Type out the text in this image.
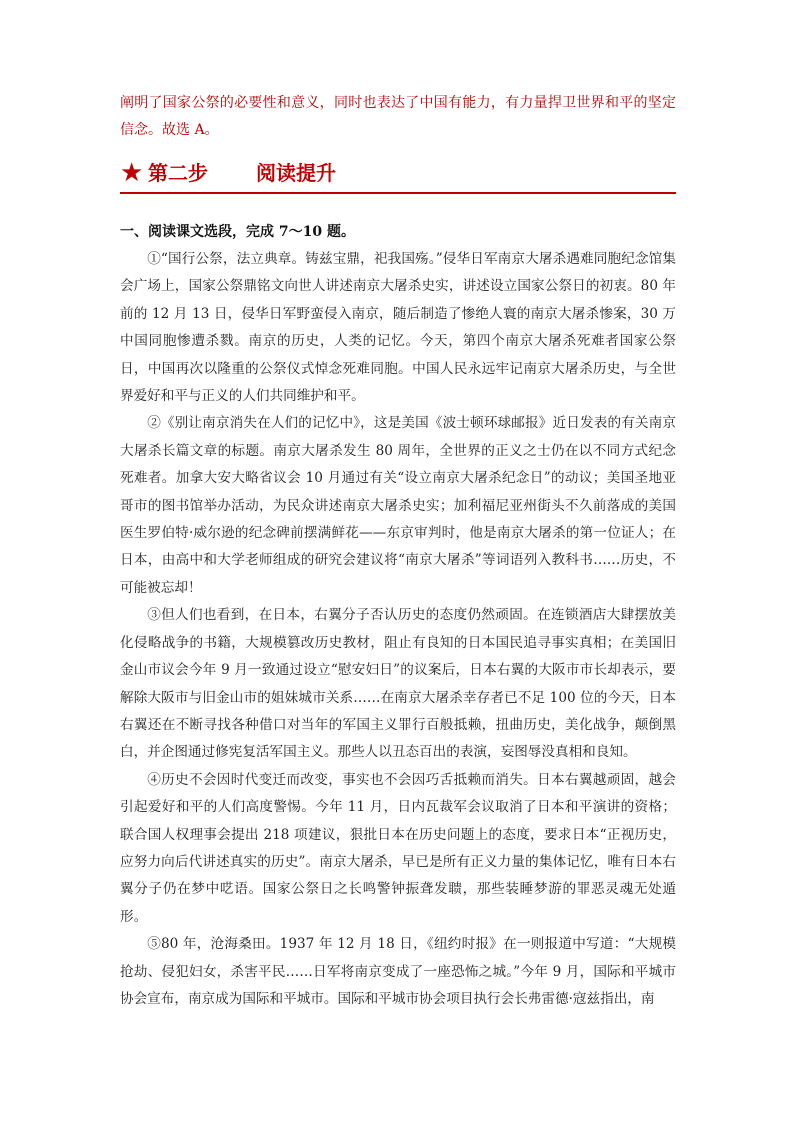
阐明了国家公祭的必要性和意义，同时也表达了中国有能力，有力量捍卫世界和平的坚定信念。故选 A。

★ 第二步 阅读提升

一、阅读课文选段，完成 7～10 题。

①“国行公祭，法立典章。铸兹宝鼎，祀我国殇。”侵华日军南京大屠杀遇难同胞纪念馆集会广场上，国家公祭鼎铭文向世人讲述南京大屠杀史实，讲述设立国家公祭日的初衷。80 年前的 12 月 13 日，侵华日军野蛮侵入南京，随后制造了惨绝人寰的南京大屠杀惨案，30 万中国同胞惨遭杀戮。南京的历史，人类的记忆。今天，第四个南京大屠杀死难者国家公祭日，中国再次以隆重的公祭仪式悼念死难同胞。中国人民永远牢记南京大屠杀历史，与全世界爱好和平与正义的人们共同维护和平。

②《别让南京消失在人们的记忆中》，这是美国《波士顿环球邮报》近日发表的有关南京大屠杀长篇文章的标题。南京大屠杀发生 80 周年，全世界的正义之士仍在以不同方式纪念死难者。加拿大安大略省议会 10 月通过有关“设立南京大屠杀纪念日”的动议；美国圣地亚哥市的图书馆举办活动，为民众讲述南京大屠杀史实；加利福尼亚州街头不久前落成的美国医生罗伯特·威尔逊的纪念碑前摆满鲜花——东京审判时，他是南京大屠杀的第一位证人；在日本，由高中和大学老师组成的研究会建议将“南京大屠杀”等词语列入教科书……历史，不可能被忘却！

③但人们也看到，在日本，右翼分子否认历史的态度仍然顽固。在连锁酒店大肆摆放美化侵略战争的书籍，大规模篡改历史教材，阻止有良知的日本国民追寻事实真相；在美国旧金山市议会今年 9 月一致通过设立“慰安妇日”的议案后，日本右翼的大阪市市长却表示，要解除大阪市与旧金山市的姐妹城市关系……在南京大屠杀幸存者已不足 100 位的今天，日本右翼还在不断寻找各种借口对当年的军国主义罪行百般抵赖，扭曲历史，美化战争，颠倒黑白，并企图通过修宪复活军国主义。那些人以丑态百出的表演，妄图辱没真相和良知。

④历史不会因时代变迁而改变，事实也不会因巧舌抵赖而消失。日本右翼越顽固，越会引起爱好和平的人们高度警惕。今年 11 月，日内瓦裁军会议取消了日本和平演讲的资格；联合国人权理事会提出 218 项建议，狠批日本在历史问题上的态度，要求日本“正视历史，应努力向后代讲述真实的历史”。南京大屠杀，早已是所有正义力量的集体记忆，唯有日本右翼分子仍在梦中呓语。国家公祭日之长鸣警钟振聋发聩，那些装睡梦游的罪恶灵魂无处遁形。

⑤80 年，沧海桑田。1937 年 12 月 18 日，《纽约时报》在一则报道中写道：“大规模抢劫、侵犯妇女，杀害平民……日军将南京变成了一座恐怖之城。”今年 9 月，国际和平城市协会宣布，南京成为国际和平城市。国际和平城市协会项目执行会长弗雷德·寇兹指出，南
